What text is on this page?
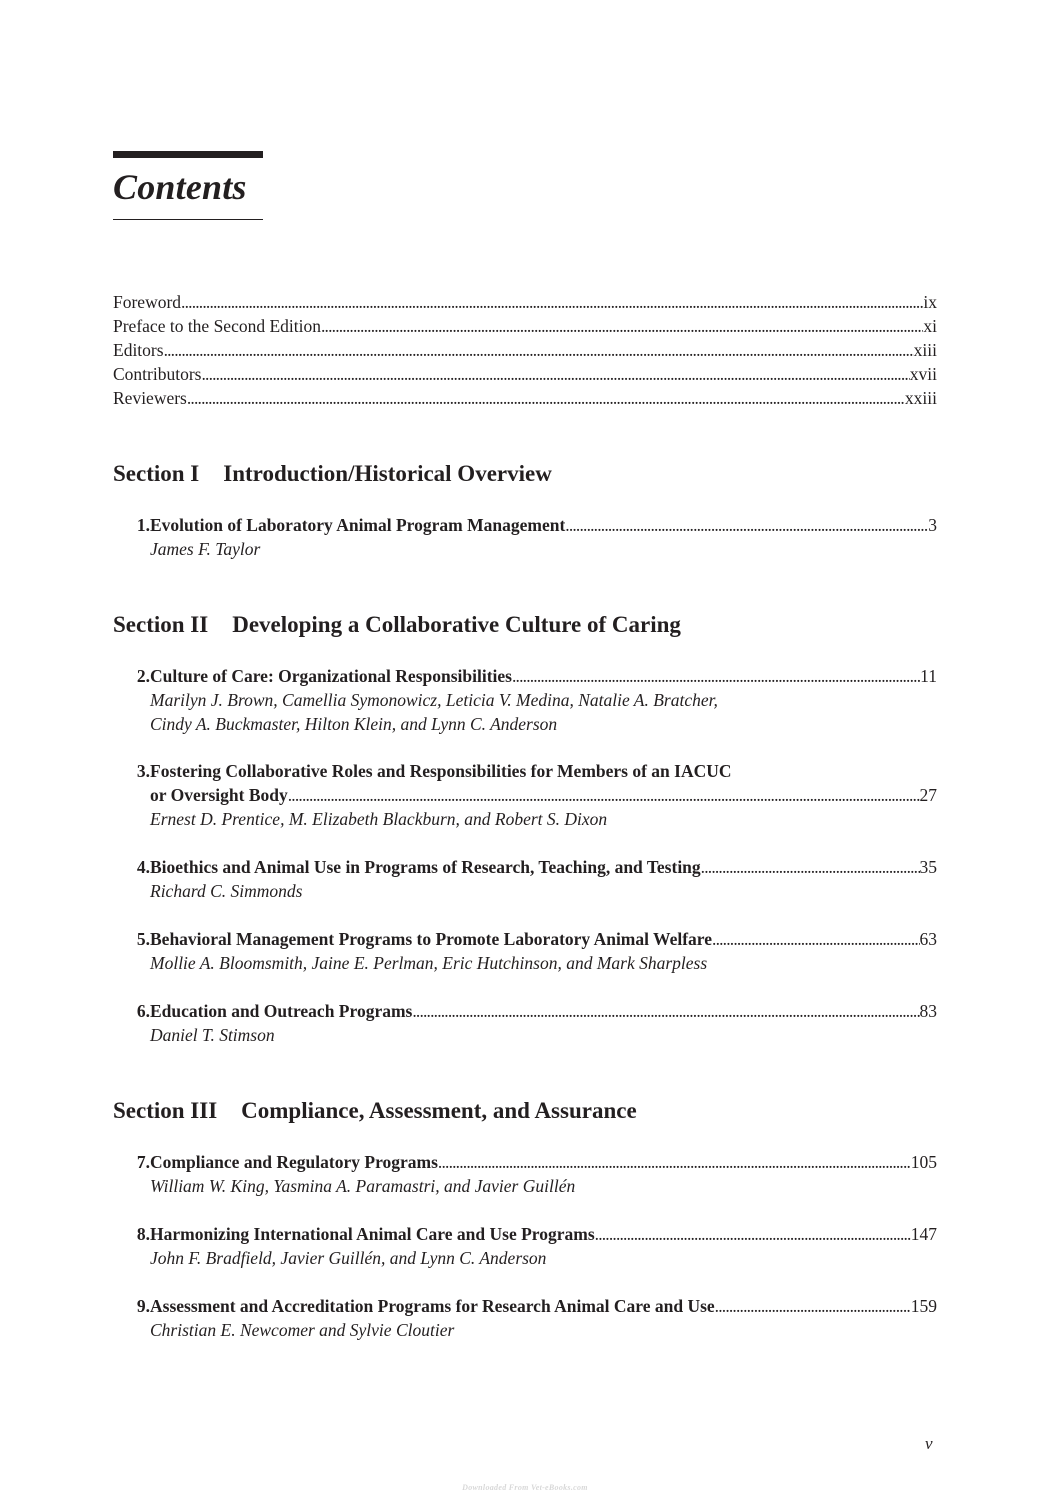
Contents
Foreword . . .	ix
Preface to the Second Edition . . .	xi
Editors . . .	xiii
Contributors . . .	xvii
Reviewers . . .	xxiii
Section I Introduction/Historical Overview
1. Evolution of Laboratory Animal Program Management . . .	3
James F. Taylor
Section II Developing a Collaborative Culture of Caring
2. Culture of Care: Organizational Responsibilities . . .	11
Marilyn J. Brown, Camellia Symonowicz, Leticia V. Medina, Natalie A. Bratcher,
Cindy A. Buckmaster, Hilton Klein, and Lynn C. Anderson
3. Fostering Collaborative Roles and Responsibilities for Members of an IACUC
or Oversight Body . . .	27
Ernest D. Prentice, M. Elizabeth Blackburn, and Robert S. Dixon
4. Bioethics and Animal Use in Programs of Research, Teaching, and Testing . . .	35
Richard C. Simmonds
5. Behavioral Management Programs to Promote Laboratory Animal Welfare . . .	63
Mollie A. Bloomsmith, Jaine E. Perlman, Eric Hutchinson, and Mark Sharpless
6. Education and Outreach Programs . . .	83
Daniel T. Stimson
Section III Compliance, Assessment, and Assurance
7. Compliance and Regulatory Programs . . .	105
William W. King, Yasmina A. Paramastri, and Javier Guillén
8. Harmonizing International Animal Care and Use Programs . . .	147
John F. Bradfield, Javier Guillén, and Lynn C. Anderson
9. Assessment and Accreditation Programs for Research Animal Care and Use . . .	159
Christian E. Newcomer and Sylvie Cloutier
v
Downloaded From Vet-eBooks.com
